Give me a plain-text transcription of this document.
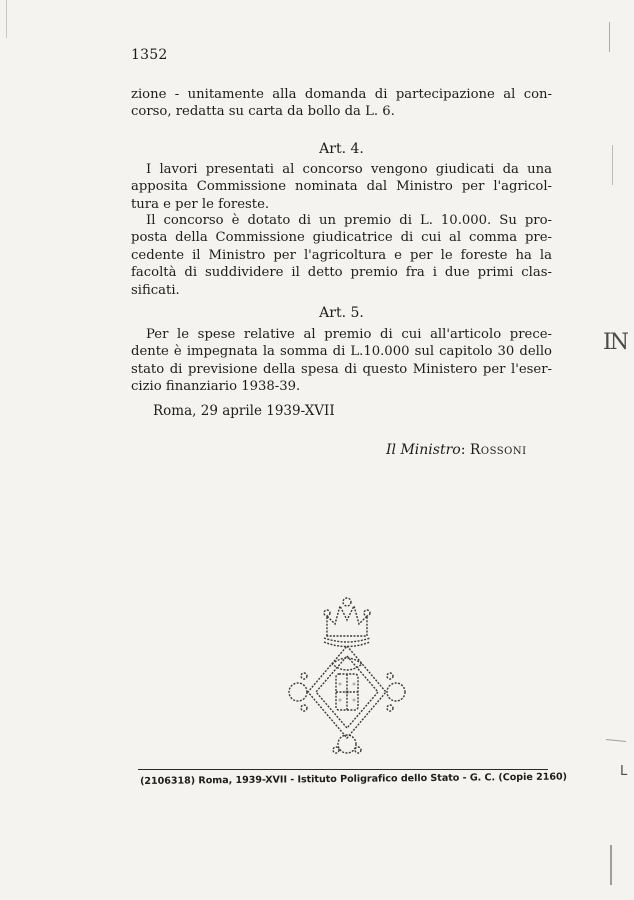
1352
zione - unitamente alla domanda di partecipazione al con-
corso, redatta su carta da bollo da L. 6.
Art. 4.
I lavori presentati al concorso vengono giudicati da una
apposita Commissione nominata dal Ministro per l'agricol-
tura e per le foreste.
Il concorso è dotato di un premio di L. 10.000. Su pro-
posta della Commissione giudicatrice di cui al comma pre-
cedente il Ministro per l'agricoltura e per le foreste ha la
facoltà di suddividere il detto premio fra i due primi clas-
sificati.
Art. 5.
Per le spese relative al premio di cui all'articolo prece-
dente è impegnata la somma di L.10.000 sul capitolo 30 dello
stato di previsione della spesa di questo Ministero per l'eser-
cizio finanziario 1938-39.
Roma, 29 aprile 1939-XVII
Il Ministro: Rossoni
(2106318) Roma, 1939-XVII - Istituto Poligrafico dello Stato - G. C. (Copie 2160)
IN
L
